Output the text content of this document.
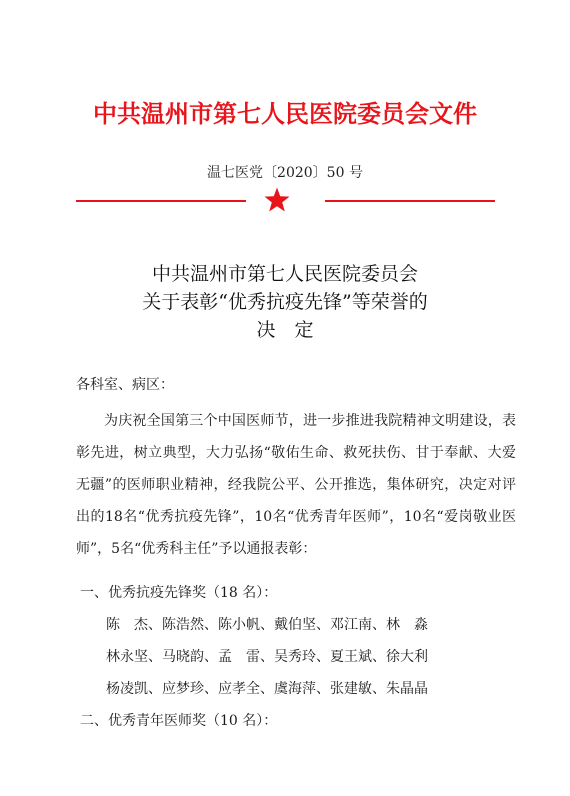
中共温州市第七人民医院委员会文件
温七医党〔2020〕50 号
中共温州市第七人民医院委员会
关于表彰“优秀抗疫先锋”等荣誉的
决　定
各科室、病区：
为庆祝全国第三个中国医师节，进一步推进我院精神文明建设，表彰先进，树立典型，大力弘扬“敬佑生命、救死扶伤、甘于奉献、大爱无疆”的医师职业精神，经我院公平、公开推选，集体研究，决定对评出的18名“优秀抗疫先锋”，10名“优秀青年医师”，10名“爱岗敬业医师”，5名“优秀科主任”予以通报表彰：
一、优秀抗疫先锋奖（18 名）：
陈　杰、陈浩然、陈小帆、戴伯坚、邓江南、林　淼
林永坚、马晓韵、孟　雷、吴秀玲、夏王斌、徐大利
杨凌凯、应梦珍、应孝全、虞海萍、张建敏、朱晶晶
二、优秀青年医师奖（10 名）：
